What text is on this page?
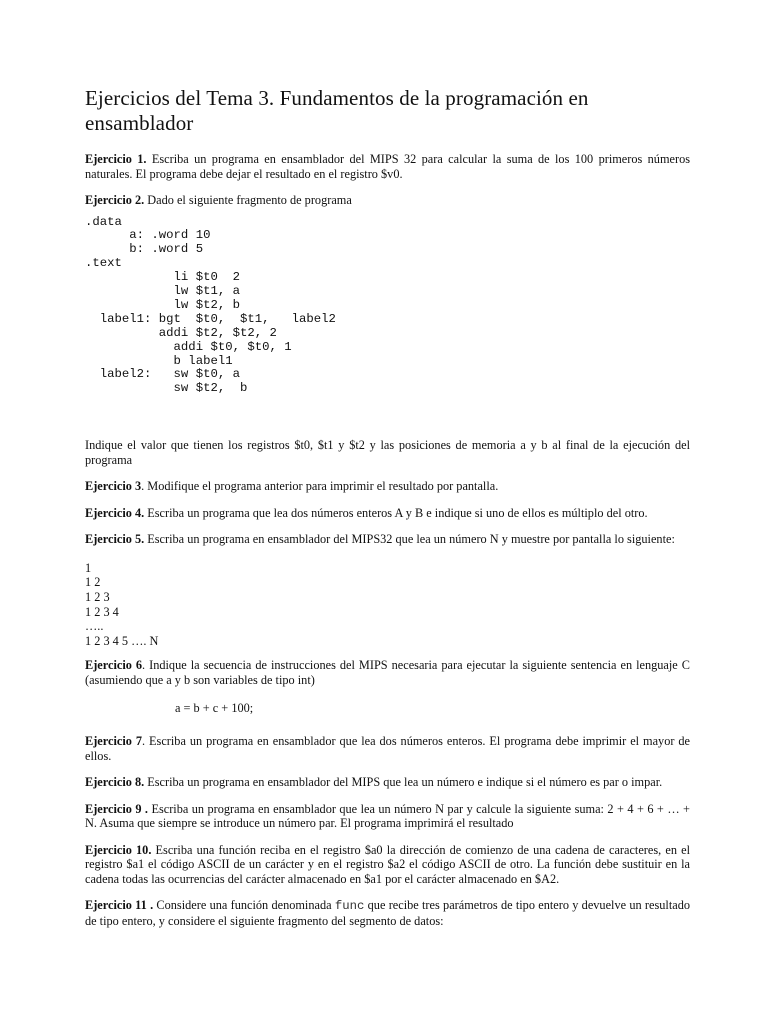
Ejercicios del Tema 3. Fundamentos de la programación en ensamblador

Ejercicio 1. Escriba un programa en ensamblador del MIPS 32 para calcular la suma de los 100 primeros números naturales. El programa debe dejar el resultado en el registro $v0.

Ejercicio 2. Dado el siguiente fragmento de programa

.data
a: .word 10
b: .word 5
.text
li $t0  2
lw $t1, a
lw $t2, b
label1: bgt  $t0,  $t1,   label2
addi $t2, $t2, 2
addi $t0, $t0, 1
b label1
label2:   sw $t0, a
sw $t2,  b

Indique el valor que tienen los registros $t0, $t1 y $t2 y las posiciones de memoria a y b al final de la ejecución del programa

Ejercicio 3. Modifique el programa anterior para imprimir el resultado por pantalla.

Ejercicio 4. Escriba un programa que lea dos números enteros A y B e indique si uno de ellos es múltiplo del otro.

Ejercicio 5. Escriba un programa en ensamblador del MIPS32 que lea un número N y muestre por pantalla lo siguiente:

1
1 2
1 2 3
1 2 3 4
…..
1 2 3 4 5 …. N

Ejercicio 6. Indique la secuencia de instrucciones del MIPS necesaria para ejecutar la siguiente sentencia en lenguaje C (asumiendo que a y b son variables de tipo int)

a = b + c + 100;

Ejercicio 7. Escriba un programa en ensamblador que lea dos números enteros. El programa debe imprimir el mayor de ellos.

Ejercicio 8. Escriba un programa en ensamblador del MIPS que lea un número e indique si el número es par o impar.

Ejercicio 9 . Escriba un programa en ensamblador que lea un número N par y calcule la siguiente suma: 2 + 4 + 6 + … + N. Asuma que siempre se introduce un número par. El programa imprimirá el resultado

Ejercicio 10. Escriba una función reciba en el registro $a0 la dirección de comienzo de una cadena de caracteres, en el registro $a1 el código ASCII de un carácter y en el registro $a2 el código ASCII de otro. La función debe sustituir en la cadena todas las ocurrencias del carácter almacenado en $a1 por el carácter almacenado en $A2.

Ejercicio 11 . Considere una función denominada func que recibe tres parámetros de tipo entero y devuelve un resultado de tipo entero, y considere el siguiente fragmento del segmento de datos:
